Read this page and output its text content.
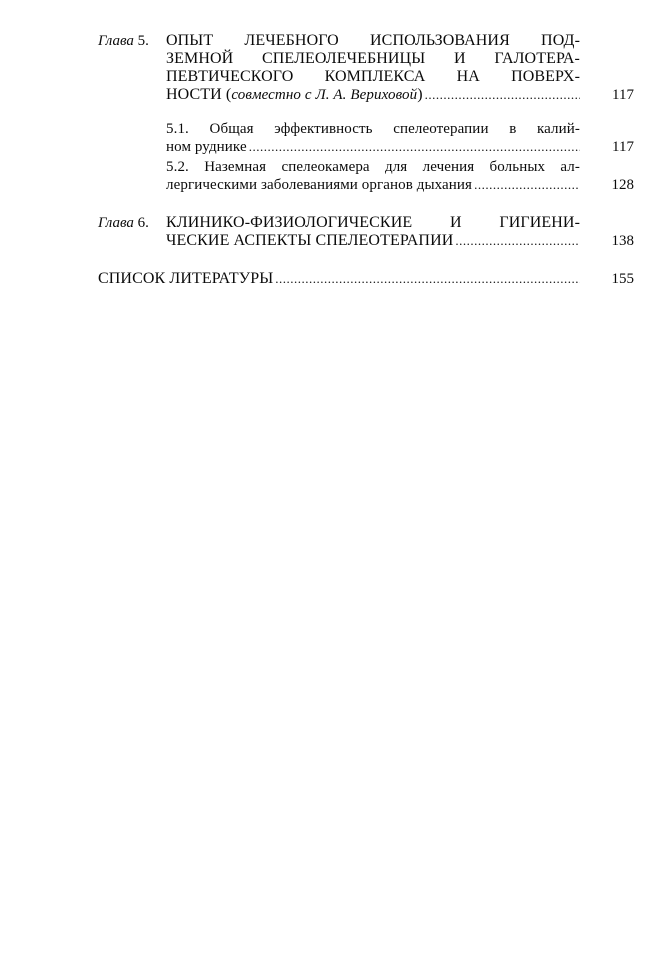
Глава 5. ОПЫТ ЛЕЧЕБНОГО ИСПОЛЬЗОВАНИЯ ПОД-
ЗЕМНОЙ СПЕЛЕОЛЕЧЕБНИЦЫ И ГАЛОТЕРА-
ПЕВТИЧЕСКОГО КОМПЛЕКСА НА ПОВЕРХ-
НОСТИ ( совместно с Л. А. Вериховой ) .....	117
5.1. Общая эффективность спелеотерапии в калий-
ном руднике .....	117
5.2. Наземная спелеокамера для лечения больных ал-
лергическими заболеваниями органов дыхания .....	128
Глава 6. КЛИНИКО-ФИЗИОЛОГИЧЕСКИЕ И ГИГИЕНИ-
ЧЕСКИЕ АСПЕКТЫ СПЕЛЕОТЕРАПИИ .....	138
СПИСОК ЛИТЕРАТУРЫ .....	155
